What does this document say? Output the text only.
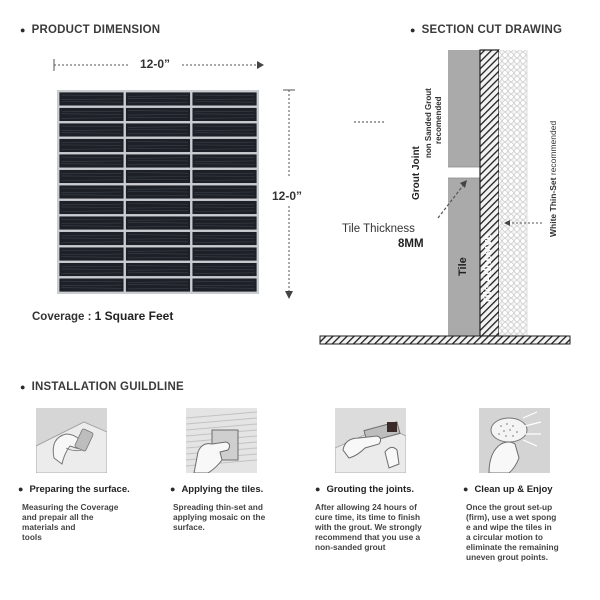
● PRODUCT DIMENSION
12-0”
12-0”
Coverage : 1 Square Feet
● SECTION CUT DRAWING
Grout Joint
non Sanded Grout recomended
White Thin-Set recommended
Tile Tile Adhesive
Tile Thickness
8MM
● INSTALLATION GUILDLINE
● Preparing the surface.
Measuring the Coverage
and prepair all the
materials and
tools
● Applying the tiles.
Spreading thin-set and
applying mosaic on the
surface.
● Grouting the joints.
After allowing 24 hours of
cure time, its time to finish
with the grout. We strongly
recommend that you use a
non-sanded grout
● Clean up & Enjoy
Once the grout set-up
(firm), use a wet spong
e and wipe the tiles in
a circular motion to
eliminate the remaining
uneven grout points.
